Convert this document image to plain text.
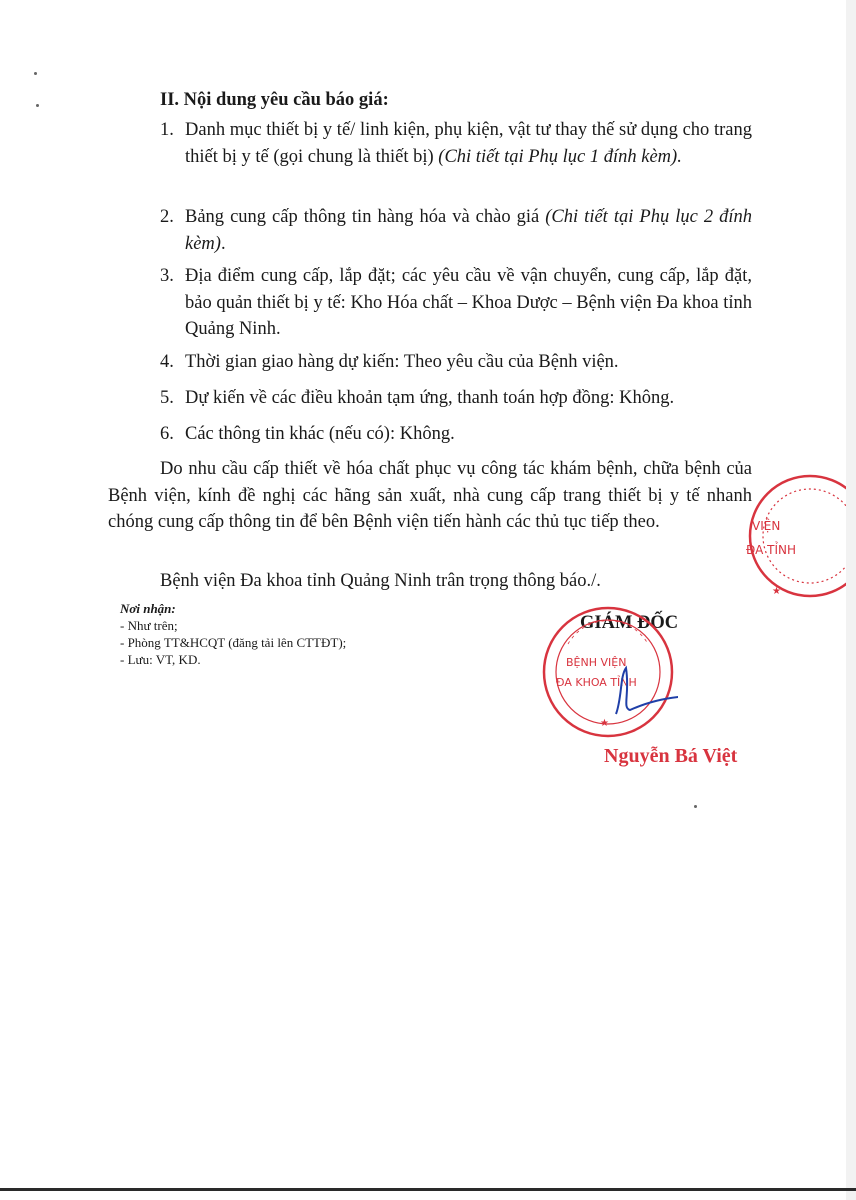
II. Nội dung yêu cầu báo giá:
1. Danh mục thiết bị y tế/ linh kiện, phụ kiện, vật tư thay thế sử dụng cho trang thiết bị y tế (gọi chung là thiết bị) (Chi tiết tại Phụ lục 1 đính kèm).
2. Bảng cung cấp thông tin hàng hóa và chào giá (Chi tiết tại Phụ lục 2 đính kèm).
3. Địa điểm cung cấp, lắp đặt; các yêu cầu về vận chuyển, cung cấp, lắp đặt, bảo quản thiết bị y tế: Kho Hóa chất – Khoa Dược – Bệnh viện Đa khoa tỉnh Quảng Ninh.
4. Thời gian giao hàng dự kiến: Theo yêu cầu của Bệnh viện.
5. Dự kiến về các điều khoản tạm ứng, thanh toán hợp đồng: Không.
6. Các thông tin khác (nếu có): Không.
Do nhu cầu cấp thiết về hóa chất phục vụ công tác khám bệnh, chữa bệnh của Bệnh viện, kính đề nghị các hãng sản xuất, nhà cung cấp trang thiết bị y tế nhanh chóng cung cấp thông tin để bên Bệnh viện tiến hành các thủ tục tiếp theo.
Bệnh viện Đa khoa tỉnh Quảng Ninh trân trọng thông báo./.
Nơi nhận:
- Như trên;
- Phòng TT&HCQT (đăng tải lên CTTĐT);
- Lưu: VT, KD.
VIỆN
ĐA TỈNH
★
GIÁM ĐỐC
BỆNH VIỆN
ĐA KHOA TỈNH
★
Nguyễn Bá Việt
